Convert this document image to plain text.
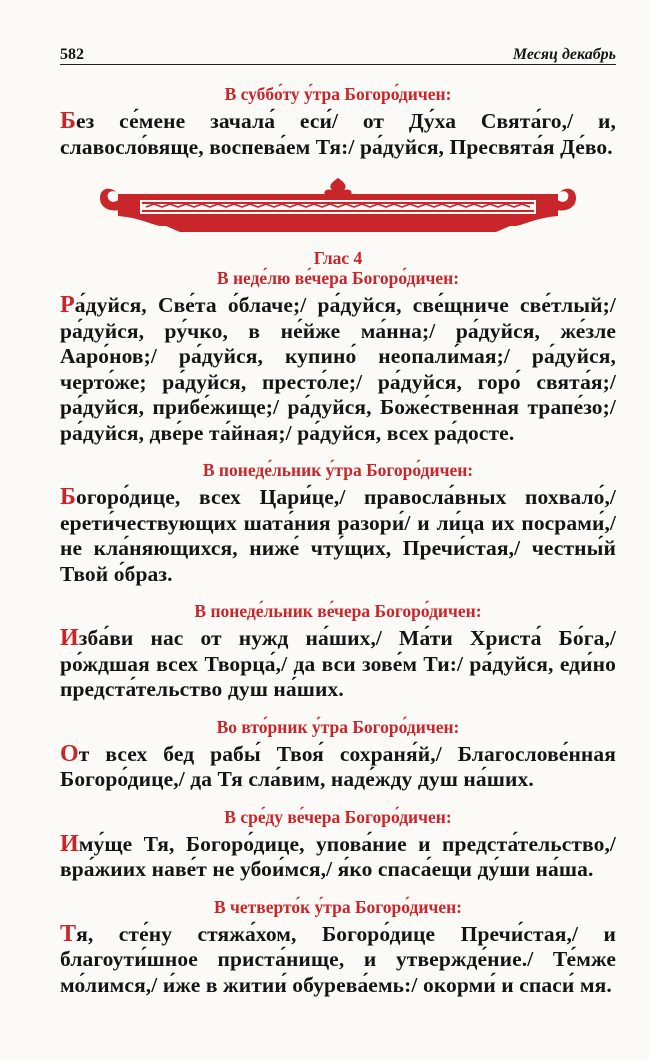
582	Месяц декабрь
В суббо́ту у́тра Богоро́дичен:
Без се́мене зачала́ еси́/ от Ду́ха Свята́го,/ и, славосло́вяще, воспева́ем Тя:/ ра́дуйся, Пресвята́я Де́во.
Глас 4
В неде́лю ве́чера Богоро́дичен:
Ра́дуйся, Све́та о́блаче;/ ра́дуйся, све́щниче све́тлый;/ ра́дуйся, ру́чко, в не́йже ма́нна;/ ра́дуйся, же́зле Ааро́нов;/ ра́дуйся, купино́ неопали́мая;/ ра́дуйся, черто́же; ра́дуйся, престо́ле;/ ра́дуйся, горо́ свята́я;/ ра́дуйся, прибе́жище;/ ра́дуйся, Боже́ственная трапе́зо;/ ра́дуйся, две́ре та́йная;/ ра́дуйся, всех ра́досте.
В понеде́льник у́тра Богоро́дичен:
Богоро́дице, всех Цари́це,/ правосла́вных похвало́,/ ерети́чествующих шата́ния разори́/ и ли́ца их посрами́,/ не кла́няющихся, ниже́ чту́щих, Пречи́стая,/ честны́й Твой о́браз.
В понеде́льник ве́чера Богоро́дичен:
Изба́ви нас от нужд на́ших,/ Ма́ти Христа́ Бо́га,/ ро́ждшая всех Творца́,/ да вси зове́м Ти:/ ра́дуйся, еди́но предста́тельство душ на́ших.
Во вто́рник у́тра Богоро́дичен:
От всех бед рабы́ Твоя́ сохраня́й,/ Благослове́нная Богоро́дице,/ да Тя сла́вим, наде́жду душ на́ших.
В сре́ду ве́чера Богоро́дичен:
Иму́ще Тя, Богоро́дице, упова́ние и предста́тельство,/ вра́жиих наве́т не убои́мся,/ я́ко спаса́ещи ду́ши на́ша.
В четверто́к у́тра Богоро́дичен:
Тя, сте́ну стяжа́хом, Богоро́дице Пречи́стая,/ и благоути́шное приста́нище, и утвержде́ние./ Те́мже мо́лимся,/ и́же в житии́ обурева́емь:/ окорми́ и спаси́ мя.
